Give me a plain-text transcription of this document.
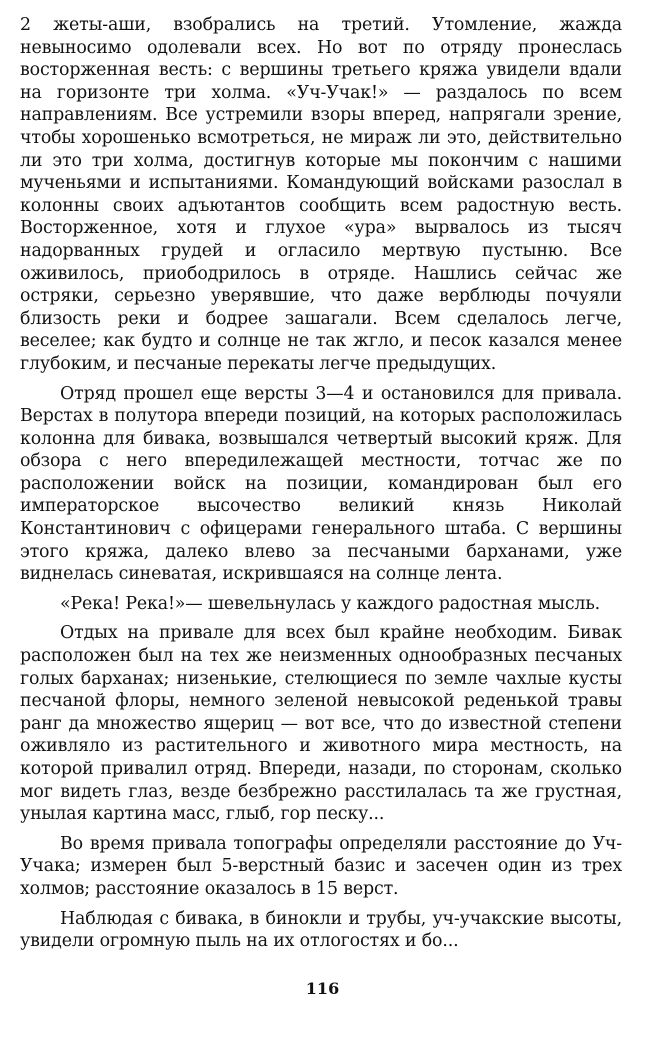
2 жеты-аши, взобрались на третий. Утомление, жажда невыносимо одолевали всех. Но вот по отряду пронеслась восторженная весть: с вершины третьего кряжа увидели вдали на горизонте три холма. «Уч-Учак!» — раздалось по всем направлениям. Все устремили взоры вперед, напрягали зрение, чтобы хорошенько всмотреться, не мираж ли это, действительно ли это три холма, достигнув которые мы покончим с нашими мученьями и испытаниями. Командующий войсками разослал в колонны своих адъютантов сообщить всем радостную весть. Восторженное, хотя и глухое «ура» вырвалось из тысяч надорванных грудей и огласило мертвую пустыню. Все оживилось, приободрилось в отряде. Нашлись сейчас же остряки, серьезно уверявшие, что даже верблюды почуяли близость реки и бодрее зашагали. Всем сделалось легче, веселее; как будто и солнце не так жгло, и песок казался менее глубоким, и песчаные перекаты легче предыдущих.

Отряд прошел еще версты 3—4 и остановился для привала. Верстах в полутора впереди позиций, на которых расположилась колонна для бивака, возвышался четвертый высокий кряж. Для обзора с него впередилежащей местности, тотчас же по расположении войск на позиции, командирован был его императорское высочество великий князь Николай Константинович с офицерами генерального штаба. С вершины этого кряжа, далеко влево за песчаными барханами, уже виднелась синеватая, искрившаяся на солнце лента.

«Река! Река!»— шевельнулась у каждого радостная мысль.

Отдых на привале для всех был крайне необходим. Бивак расположен был на тех же неизменных однообразных песчаных голых барханах; низенькие, стелющиеся по земле чахлые кусты песчаной флоры, немного зеленой невысокой реденькой травы ранг да множество ящериц — вот все, что до известной степени оживляло из растительного и животного мира местность, на которой привалил отряд. Впереди, назади, по сторонам, сколько мог видеть глаз, везде безбрежно расстилалась та же грустная, унылая картина масс, глыб, гор песку...

Во время привала топографы определяли расстояние до Уч-Учака; измерен был 5-верстный базис и засечен один из трех холмов; расстояние оказалось в 15 верст.

Наблюдая с бивака, в бинокли и трубы, уч-учакские высоты, увидели огромную пыль на их отлогостях и бо...

116
